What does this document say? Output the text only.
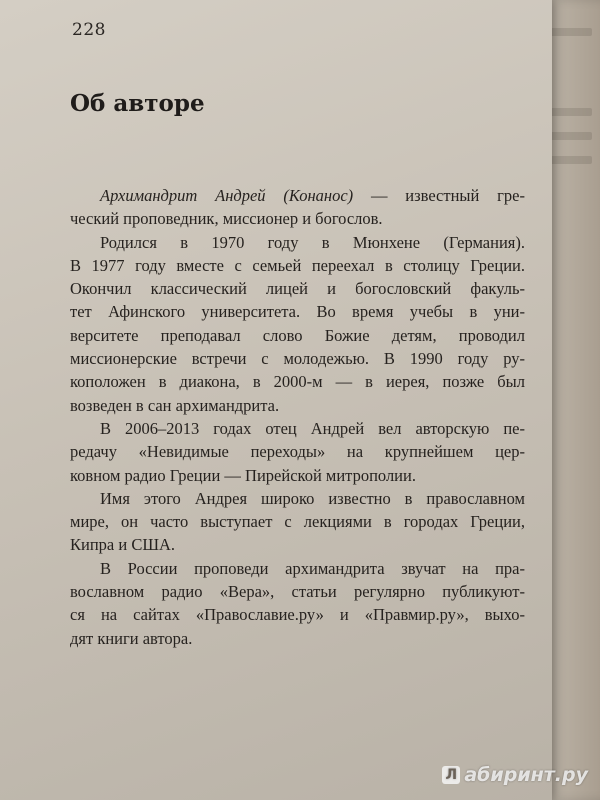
228
Об авторе
Архимандрит Андрей (Конанос) — известный гре-
ческий проповедник, миссионер и богослов.
Родился в 1970 году в Мюнхене (Германия).
В 1977 году вместе с семьей переехал в столицу Греции.
Окончил классический лицей и богословский факуль-
тет Афинского университета. Во время учебы в уни-
верситете преподавал слово Божие детям, проводил
миссионерские встречи с молодежью. В 1990 году ру-
коположен в диакона, в 2000-м — в иерея, позже был
возведен в сан архимандрита.
В 2006–2013 годах отец Андрей вел авторскую пе-
редачу «Невидимые переходы» на крупнейшем цер-
ковном радио Греции — Пирейской митрополии.
Имя этого Андрея широко известно в православном
мире, он часто выступает с лекциями в городах Греции,
Кипра и США.
В России проповеди архимандрита звучат на пра-
вославном радио «Вера», статьи регулярно публикуют-
ся на сайтах «Православие.ру» и «Правмир.ру», выхо-
дят книги автора.
Л абиринт.ру
